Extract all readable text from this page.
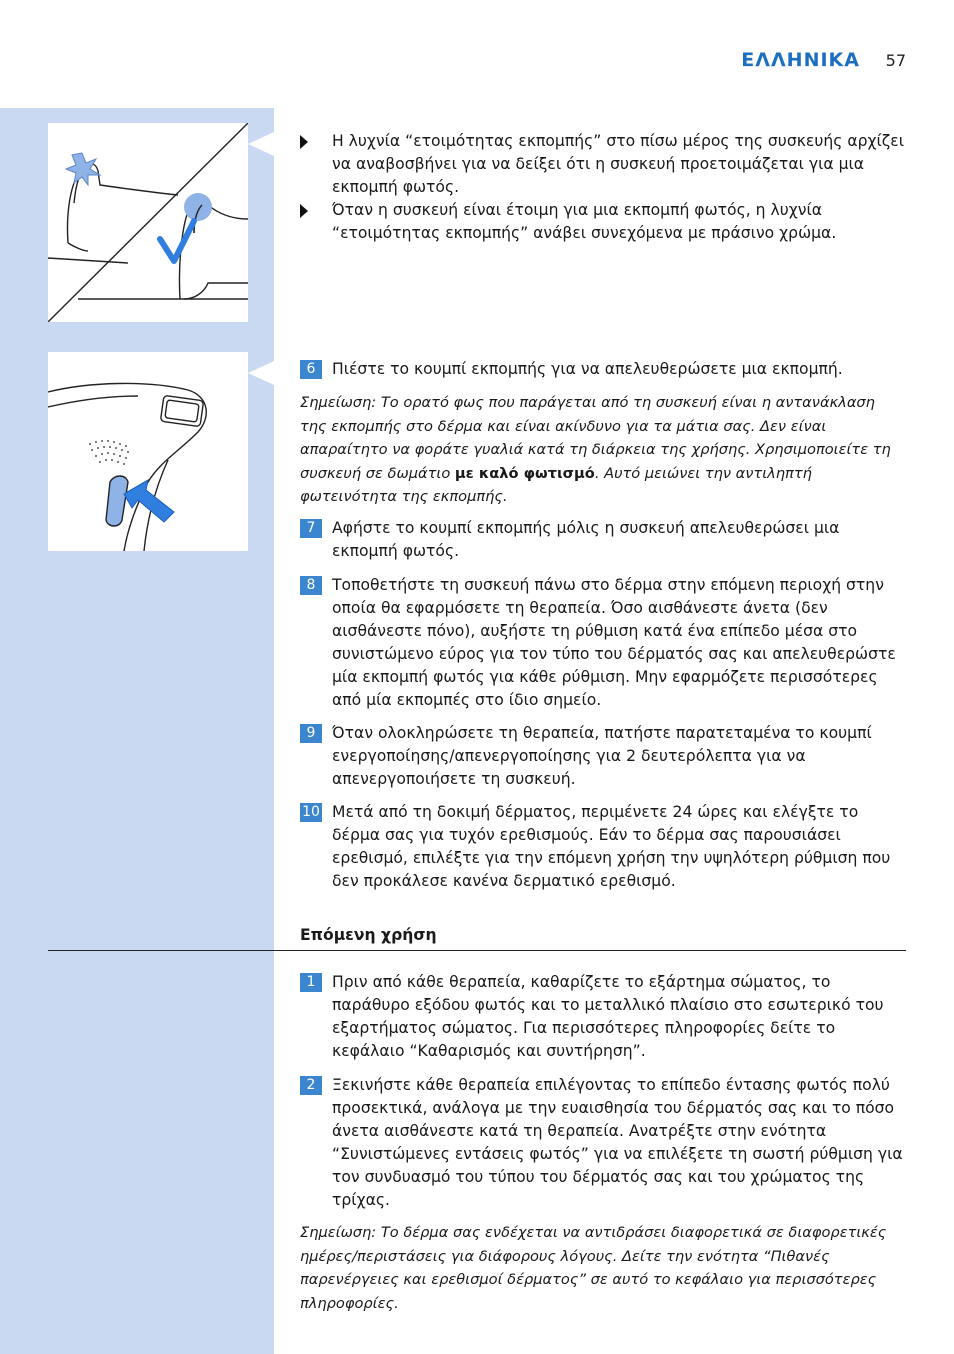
ΕΛΛΗΝΙΚΑ 57
Η λυχνία “ετοιμότητας εκπομπής” στο πίσω μέρος της συσκευής αρχίζει να αναβοσβήνει για να δείξει ότι η συσκευή προετοιμάζεται για μια εκπομπή φωτός.
Όταν η συσκευή είναι έτοιμη για μια εκπομπή φωτός, η λυχνία “ετοιμότητας εκπομπής” ανάβει συνεχόμενα με πράσινο χρώμα.
6	Πιέστε το κουμπί εκπομπής για να απελευθερώσετε μια εκπομπή.
Σημείωση: Το ορατό φως που παράγεται από τη συσκευή είναι η αντανάκλαση της εκπομπής στο δέρμα και είναι ακίνδυνο για τα μάτια σας. Δεν είναι απαραίτητο να φοράτε γυαλιά κατά τη διάρκεια της χρήσης. Χρησιμοποιείτε τη συσκευή σε δωμάτιο με καλό φωτισμό. Αυτό μειώνει την αντιληπτή φωτεινότητα της εκπομπής.
7	Αφήστε το κουμπί εκπομπής μόλις η συσκευή απελευθερώσει μια εκπομπή φωτός.
8	Τοποθετήστε τη συσκευή πάνω στο δέρμα στην επόμενη περιοχή στην οποία θα εφαρμόσετε τη θεραπεία. Όσο αισθάνεστε άνετα (δεν αισθάνεστε πόνο), αυξήστε τη ρύθμιση κατά ένα επίπεδο μέσα στο συνιστώμενο εύρος για τον τύπο του δέρματός σας και απελευθερώστε μία εκπομπή φωτός για κάθε ρύθμιση. Μην εφαρμόζετε περισσότερες από μία εκπομπές στο ίδιο σημείο.
9	Όταν ολοκληρώσετε τη θεραπεία, πατήστε παρατεταμένα το κουμπί ενεργοποίησης/απενεργοποίησης για 2 δευτερόλεπτα για να απενεργοποιήσετε τη συσκευή.
10 Μετά από τη δοκιμή δέρματος, περιμένετε 24 ώρες και ελέγξτε το δέρμα σας για τυχόν ερεθισμούς. Εάν το δέρμα σας παρουσιάσει ερεθισμό, επιλέξτε για την επόμενη χρήση την υψηλότερη ρύθμιση που δεν προκάλεσε κανένα δερματικό ερεθισμό.
Επόμενη χρήση
1	Πριν από κάθε θεραπεία, καθαρίζετε το εξάρτημα σώματος, το παράθυρο εξόδου φωτός και το μεταλλικό πλαίσιο στο εσωτερικό του εξαρτήματος σώματος. Για περισσότερες πληροφορίες δείτε το κεφάλαιο “Καθαρισμός και συντήρηση”.
2	Ξεκινήστε κάθε θεραπεία επιλέγοντας το επίπεδο έντασης φωτός πολύ προσεκτικά, ανάλογα με την ευαισθησία του δέρματός σας και το πόσο άνετα αισθάνεστε κατά τη θεραπεία. Ανατρέξτε στην ενότητα “Συνιστώμενες εντάσεις φωτός” για να επιλέξετε τη σωστή ρύθμιση για τον συνδυασμό του τύπου του δέρματός σας και του χρώματος της τρίχας.
Σημείωση: Το δέρμα σας ενδέχεται να αντιδράσει διαφορετικά σε διαφορετικές ημέρες/περιστάσεις για διάφορους λόγους. Δείτε την ενότητα “Πιθανές παρενέργειες και ερεθισμοί δέρματος” σε αυτό το κεφάλαιο για περισσότερες πληροφορίες.
